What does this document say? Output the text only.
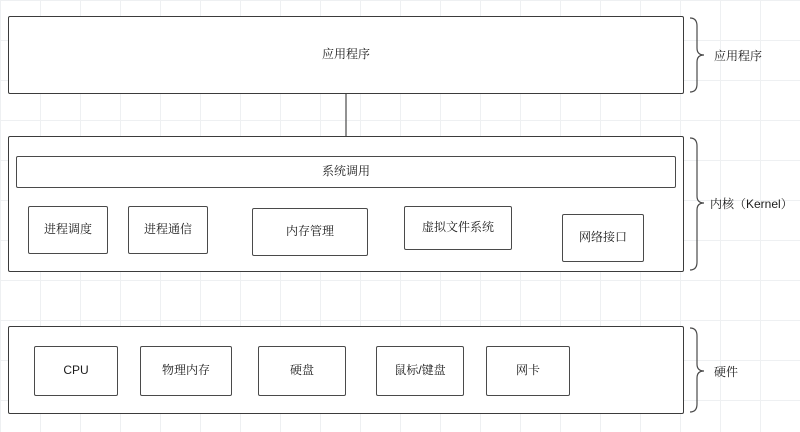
应用程序
系统调用
进程调度	进程通信	内存管理	虚拟文件系统
网络接口
CPU	物理内存	硬盘	鼠标/键盘	网卡
应用程序
内核（Kernel）
硬件
